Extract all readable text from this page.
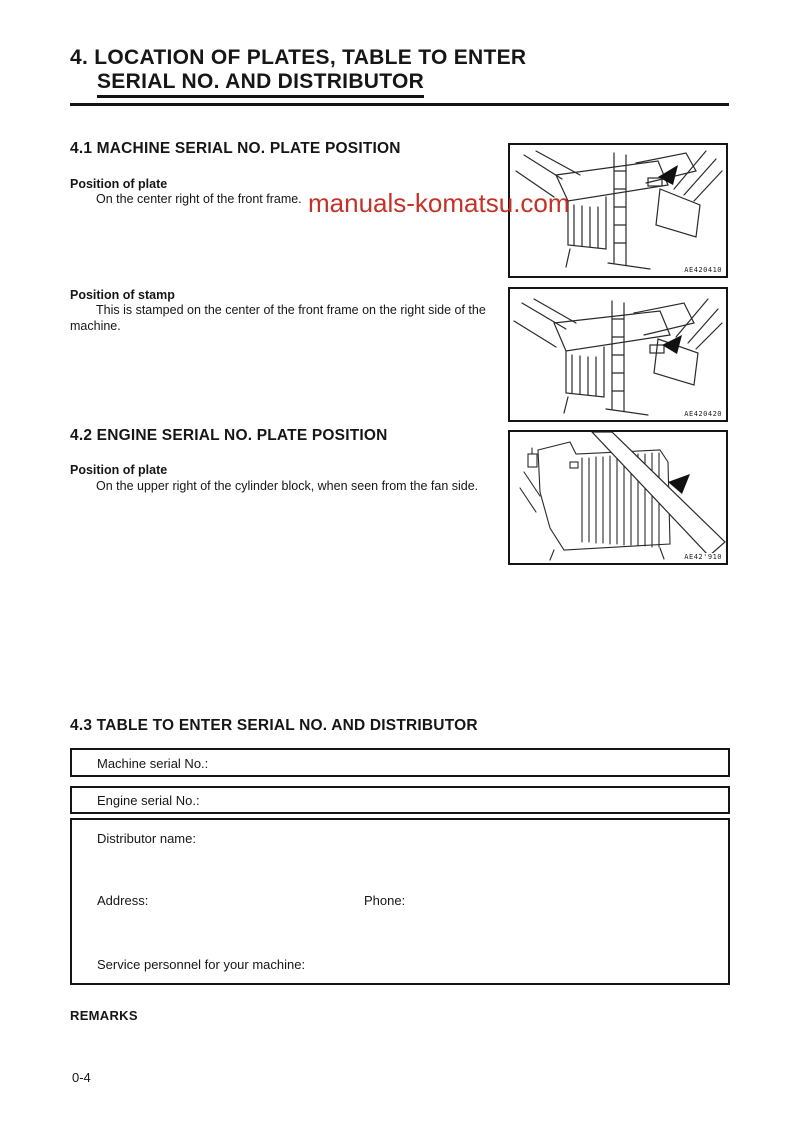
4. LOCATION OF PLATES, TABLE TO ENTER
SERIAL NO. AND DISTRIBUTOR
manuals-komatsu.com
4.1 MACHINE SERIAL NO. PLATE POSITION
Position of plate
On the center right of the front frame.
Position of stamp
This is stamped on the center of the front frame on the right side of the machine.
4.2 ENGINE SERIAL NO. PLATE POSITION
Position of plate
On the upper right of the cylinder block, when seen from the fan side.
AE420410
AE420420
AE42'910
4.3 TABLE TO ENTER SERIAL NO. AND DISTRIBUTOR
Machine serial No.:
Engine serial No.:
Distributor name:
Address:	Phone:
Service personnel for your machine:
REMARKS
0-4
